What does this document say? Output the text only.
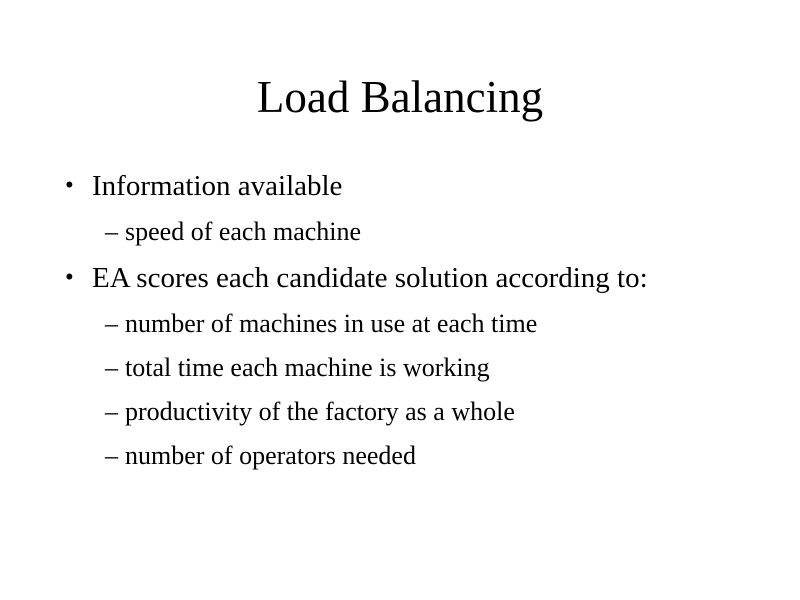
Load Balancing
• Information available
– speed of each machine
• EA scores each candidate solution according to:
– number of machines in use at each time
– total time each machine is working
– productivity of the factory as a whole
– number of operators needed
